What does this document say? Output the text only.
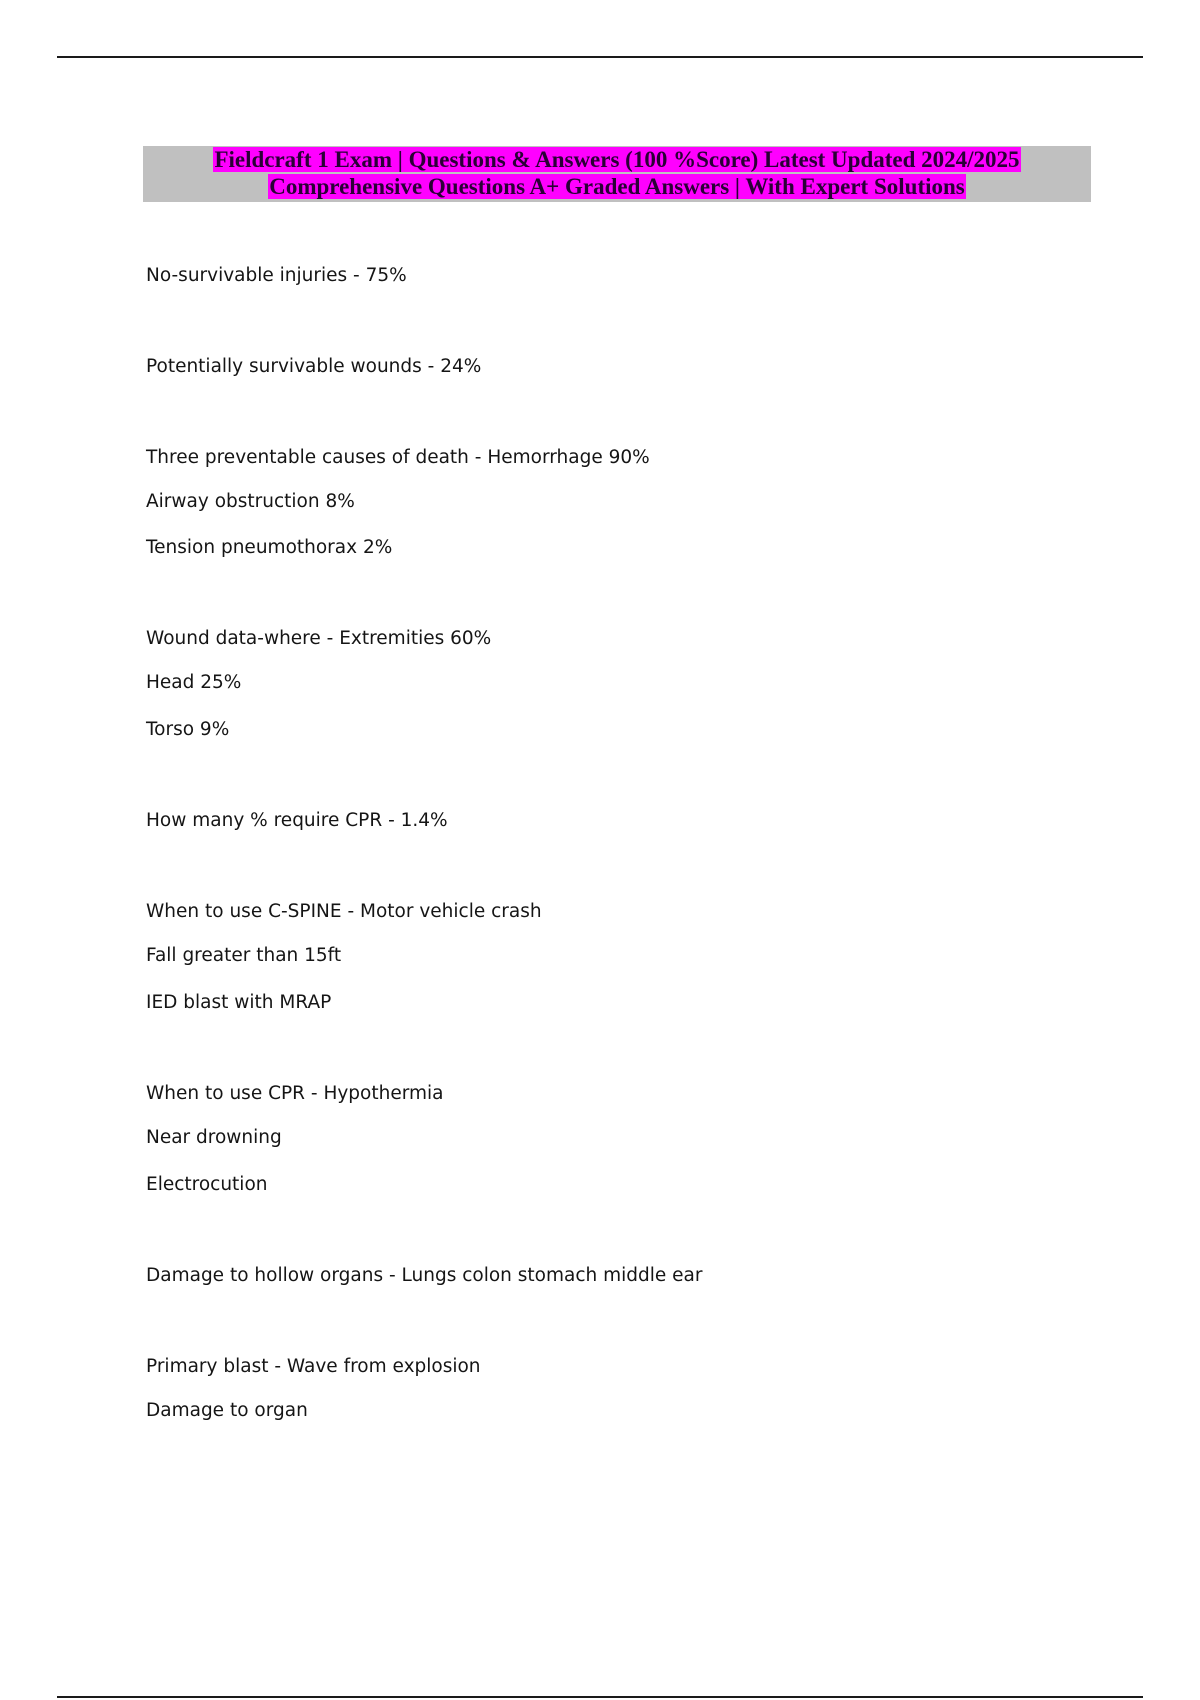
Fieldcraft 1 Exam | Questions & Answers (100 %Score) Latest Updated 2024/2025
Comprehensive Questions A+ Graded Answers | With Expert Solutions
No-survivable injuries - 75%
Potentially survivable wounds - 24%
Three preventable causes of death - Hemorrhage 90%
Airway obstruction 8%
Tension pneumothorax 2%
Wound data-where - Extremities 60%
Head 25%
Torso 9%
How many % require CPR - 1.4%
When to use C-SPINE - Motor vehicle crash
Fall greater than 15ft
IED blast with MRAP
When to use CPR - Hypothermia
Near drowning
Electrocution
Damage to hollow organs - Lungs colon stomach middle ear
Primary blast - Wave from explosion
Damage to organ
